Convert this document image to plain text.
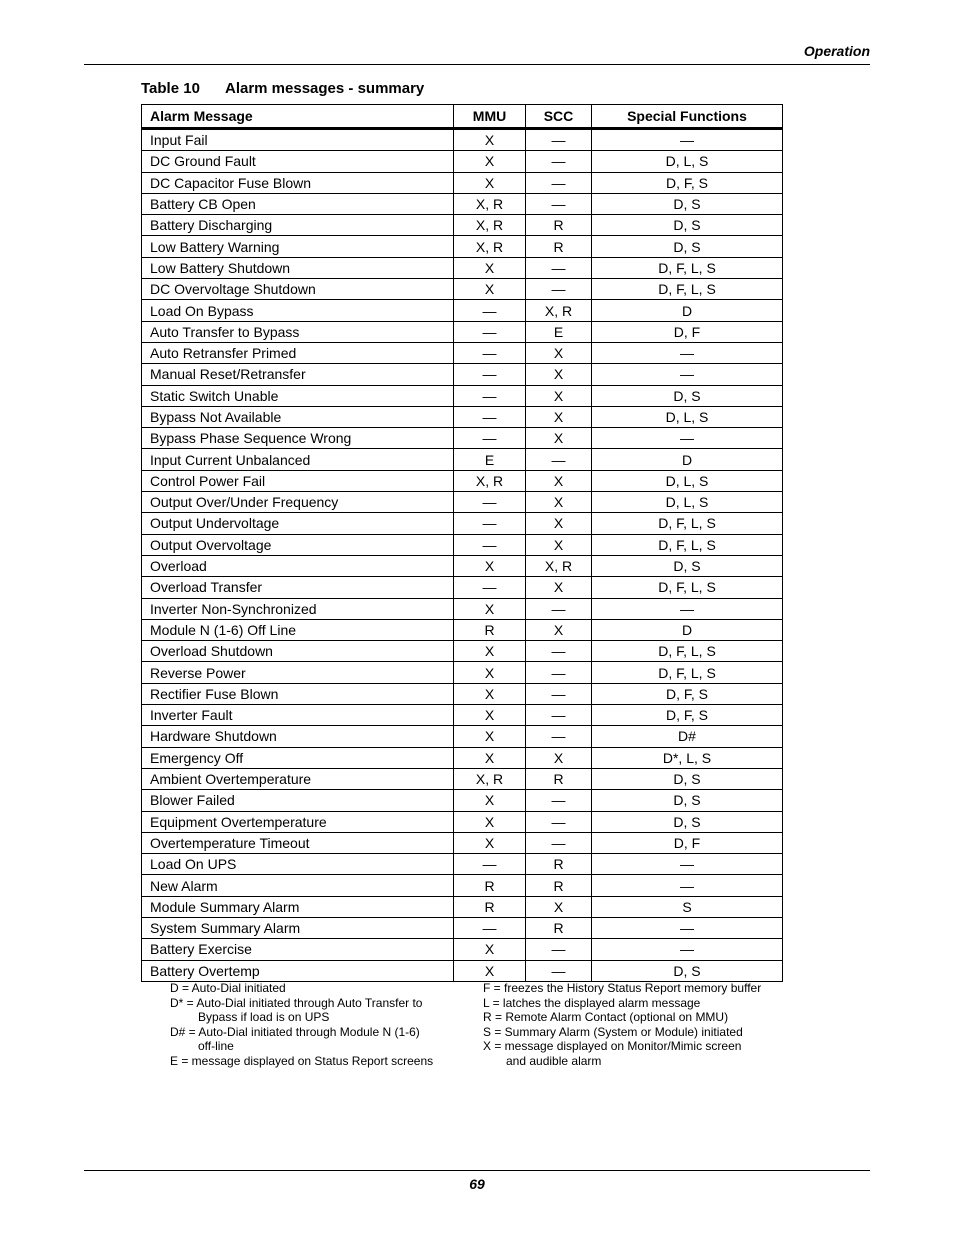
Operation
Table 10 Alarm messages - summary
Alarm Message	MMU	SCC	Special Functions
Input Fail	X	—	—
DC Ground Fault	X	—	D, L, S
DC Capacitor Fuse Blown	X	—	D, F, S
Battery CB Open	X, R	—	D, S
Battery Discharging	X, R	R	D, S
Low Battery Warning	X, R	R	D, S
Low Battery Shutdown	X	—	D, F, L, S
DC Overvoltage Shutdown	X	—	D, F, L, S
Load On Bypass	—	X, R	D
Auto Transfer to Bypass	—	E	D, F
Auto Retransfer Primed	—	X	—
Manual Reset/Retransfer	—	X	—
Static Switch Unable	—	X	D, S
Bypass Not Available	—	X	D, L, S
Bypass Phase Sequence Wrong	—	X	—
Input Current Unbalanced	E	—	D
Control Power Fail	X, R	X	D, L, S
Output Over/Under Frequency	—	X	D, L, S
Output Undervoltage	—	X	D, F, L, S
Output Overvoltage	—	X	D, F, L, S
Overload	X	X, R	D, S
Overload Transfer	—	X	D, F, L, S
Inverter Non-Synchronized	X	—	—
Module N (1-6) Off Line	R	X	D
Overload Shutdown	X	—	D, F, L, S
Reverse Power	X	—	D, F, L, S
Rectifier Fuse Blown	X	—	D, F, S
Inverter Fault	X	—	D, F, S
Hardware Shutdown	X	—	D#
Emergency Off	X	X	D*, L, S
Ambient Overtemperature	X, R	R	D, S
Blower Failed	X	—	D, S
Equipment Overtemperature	X	—	D, S
Overtemperature Timeout	X	—	D, F
Load On UPS	—	R	—
New Alarm	R	R	—
Module Summary Alarm	R	X	S
System Summary Alarm	—	R	—
Battery Exercise	X	—	—
Battery Overtemp	X	—	D, S
D = Auto-Dial initiated
D* = Auto-Dial initiated through Auto Transfer to
Bypass if load is on UPS
D# = Auto-Dial initiated through Module N (1-6)
off-line
E = message displayed on Status Report screens
F = freezes the History Status Report memory buffer
L = latches the displayed alarm message
R = Remote Alarm Contact (optional on MMU)
S = Summary Alarm (System or Module) initiated
X = message displayed on Monitor/Mimic screen
and audible alarm
69
